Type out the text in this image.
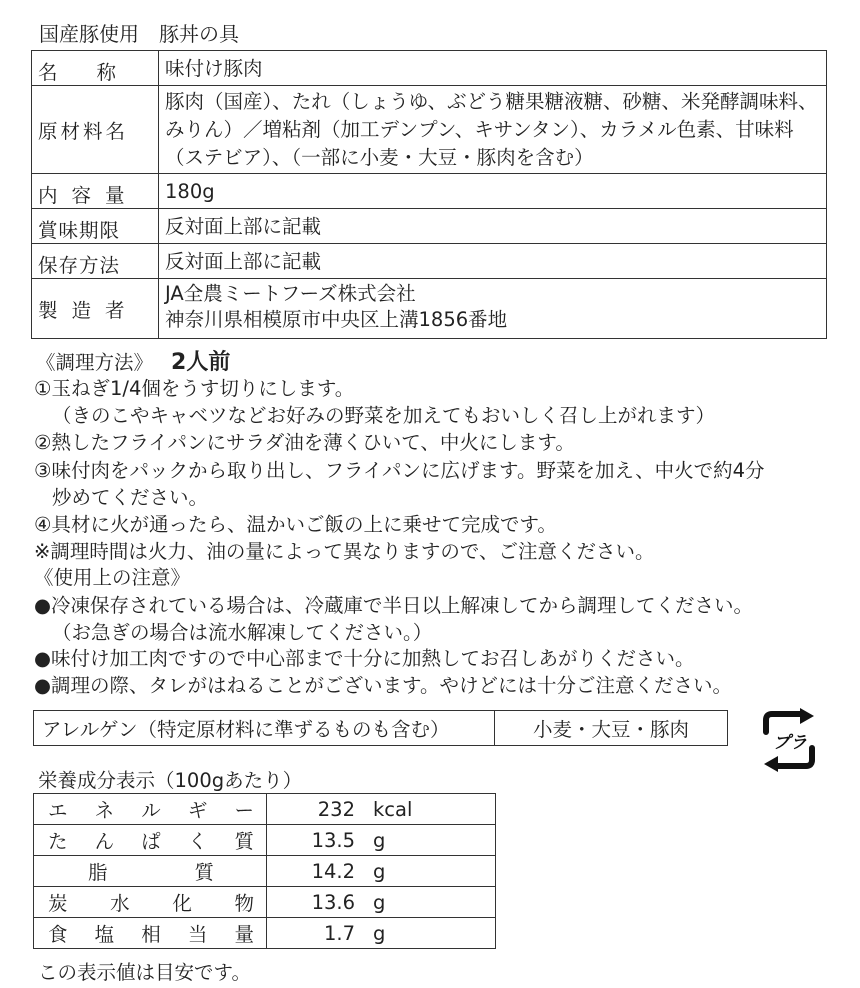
国産豚使用　豚丼の具
名　　称	味付け豚肉
原材料名	豚肉（国産）、たれ（しょうゆ、ぶどう糖果糖液糖、砂糖、米発酵調味料、みりん）／増粘剤（加工デンプン、キサンタン）、カラメル色素、甘味料（ステビア）、（一部に小麦・大豆・豚肉を含む）
内容量	180g
賞味期限	反対面上部に記載
保存方法	反対面上部に記載
製造者	JA全農ミートフーズ株式会社
神奈川県相模原市中央区上溝1856番地
《調理方法》 2人前
①玉ねぎ1/4個をうす切りにします。
（きのこやキャベツなどお好みの野菜を加えてもおいしく召し上がれます）
②熱したフライパンにサラダ油を薄くひいて、中火にします。
③味付肉をパックから取り出し、フライパンに広げます。野菜を加え、中火で約4分
炒めてください。
④具材に火が通ったら、温かいご飯の上に乗せて完成です。
※調理時間は火力、油の量によって異なりますので、ご注意ください。
《使用上の注意》
●冷凍保存されている場合は、冷蔵庫で半日以上解凍してから調理してください。
（お急ぎの場合は流水解凍してください。）
●味付け加工肉ですので中心部まで十分に加熱してお召しあがりください。
●調理の際、タレがはねることがございます。やけどには十分ご注意ください。
アレルゲン（特定原材料に準ずるものも含む）	小麦・大豆・豚肉
プラ
栄養成分表示（100gあたり）
エ ネ ル ギ ー	232 kcal

た ん ぱ く 質	13.5 g

脂 質	14.2 g

炭 水 化 物	13.6 g

食 塩 相 当 量	1.7 g
この表示値は目安です。
